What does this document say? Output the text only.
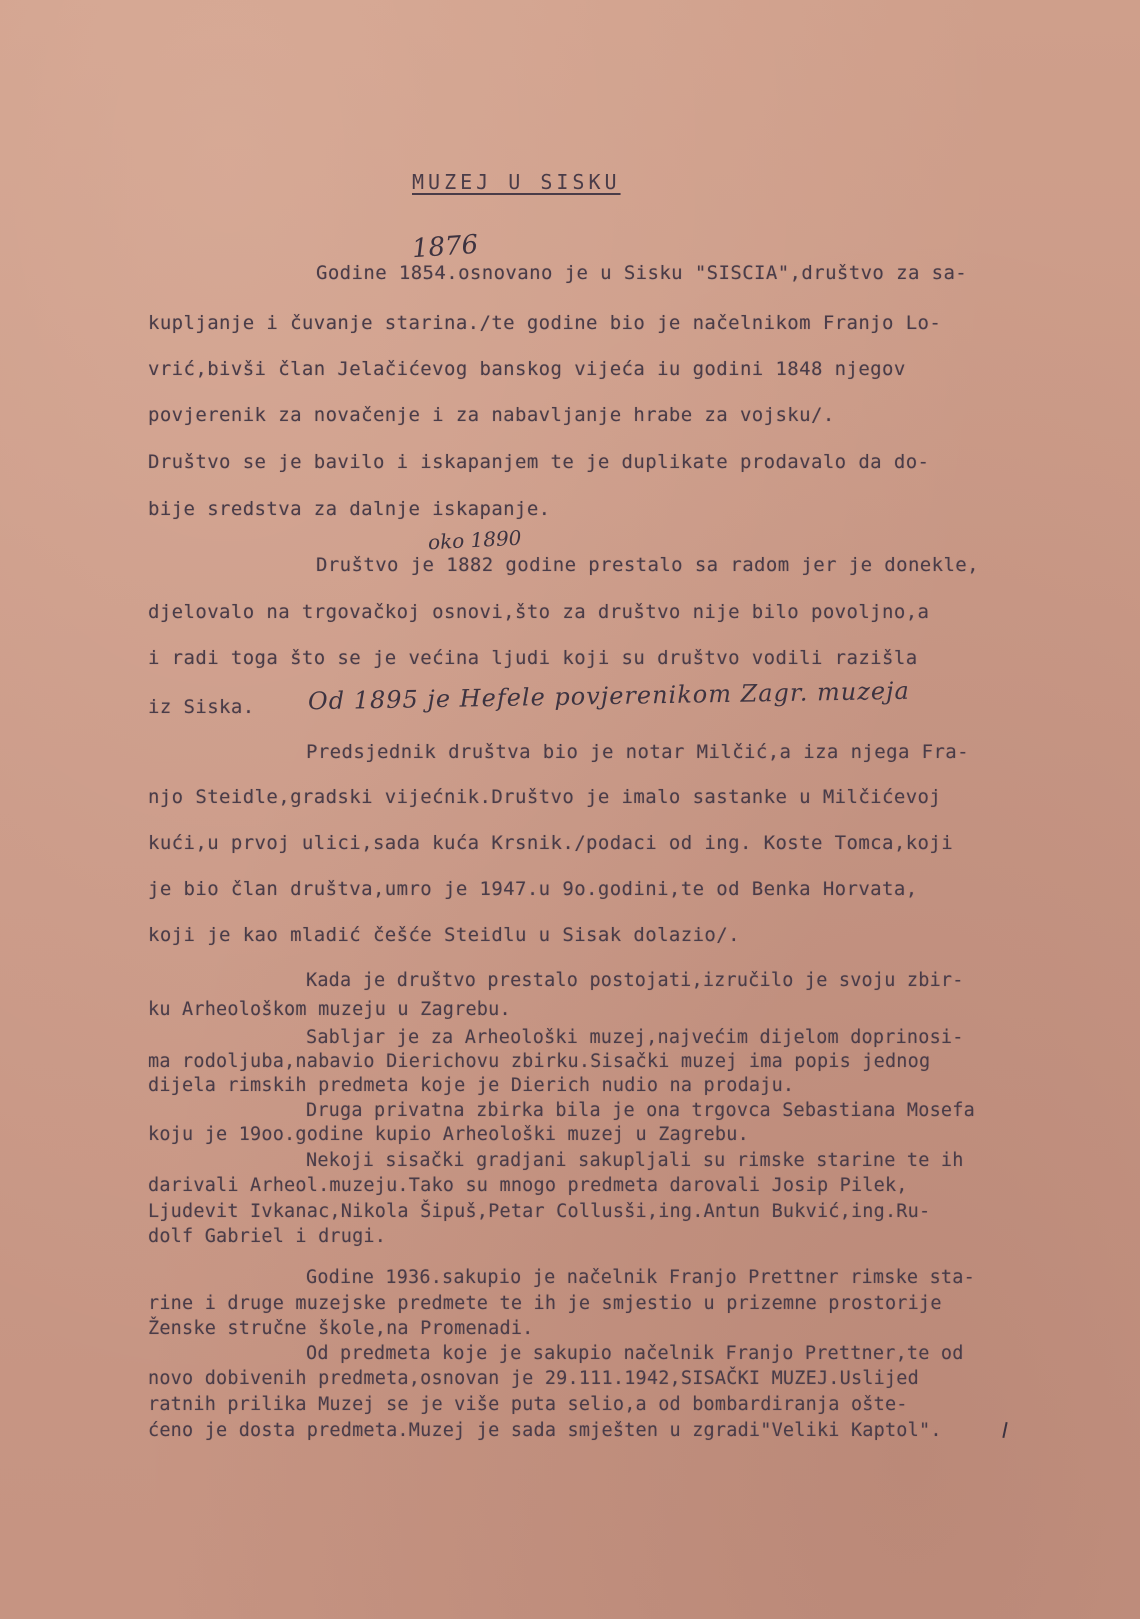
MUZEJ U SISKU
1876
oko 1890
Od 1895 je Hefele povjerenikom Zagr. muzeja
Godine 1854.osnovano je u Sisku "SISCIA",društvo za sa-
kupljanje i čuvanje starina./te godine bio je načelnikom Franjo Lo-
vrić,bivši član Jelačićevog banskog vijeća iu godini 1848 njegov
povjerenik za novačenje i za nabavljanje hrabe za vojsku/.
Društvo se je bavilo i iskapanjem te je duplikate prodavalo da do-
bije sredstva za dalnje iskapanje.
Društvo je 1882 godine prestalo sa radom jer je donekle,
djelovalo na trgovačkoj osnovi,što za društvo nije bilo povoljno,a
i radi toga što se je većina ljudi koji su društvo vodili razišla
iz Siska.
Predsjednik društva bio je notar Milčić,a iza njega Fra-
njo Steidle,gradski vijećnik.Društvo je imalo sastanke u Milčićevoj
kući,u prvoj ulici,sada kuća Krsnik./podaci od ing. Koste Tomca,koji
je bio član društva,umro je 1947.u 9o.godini,te od Benka Horvata,
koji je kao mladić češće Steidlu u Sisak dolazio/.
Kada je društvo prestalo postojati,izručilo je svoju zbir-
ku Arheološkom muzeju u Zagrebu.
Sabljar je za Arheološki muzej,najvećim dijelom doprinosi-
ma rodoljuba,nabavio Dierichovu zbirku.Sisački muzej ima popis jednog
dijela rimskih predmeta koje je Dierich nudio na prodaju.
Druga privatna zbirka bila je ona trgovca Sebastiana Mosefa
koju je 19oo.godine kupio Arheološki muzej u Zagrebu.
Nekoji sisački gradjani sakupljali su rimske starine te ih
darivali Arheol.muzeju.Tako su mnogo predmeta darovali Josip Pilek,
Ljudevit Ivkanac,Nikola Šipuš,Petar Collusši,ing.Antun Bukvić,ing.Ru-
dolf Gabriel i drugi.
Godine 1936.sakupio je načelnik Franjo Prettner rimske sta-
rine i druge muzejske predmete te ih je smjestio u prizemne prostorije
Ženske stručne škole,na Promenadi.
Od predmeta koje je sakupio načelnik Franjo Prettner,te od
novo dobivenih predmeta,osnovan je 29.111.1942,SISAČKI MUZEJ.Uslijed
ratnih prilika Muzej se je više puta selio,a od bombardiranja ošte-
ćeno je dosta predmeta.Muzej je sada smješten u zgradi"Veliki Kaptol".
